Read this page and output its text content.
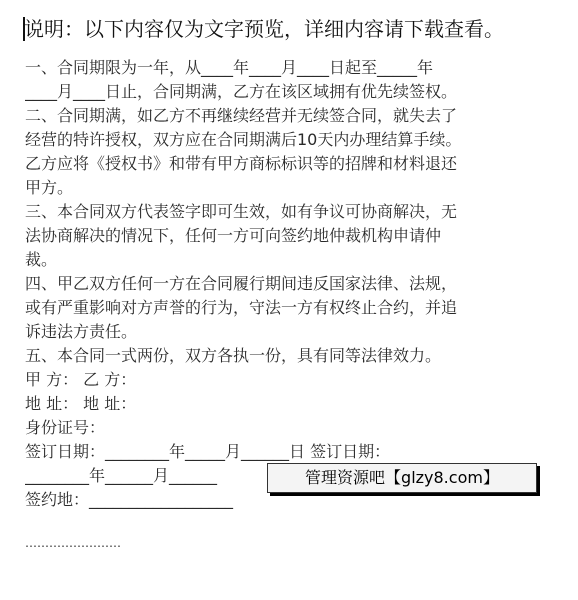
说明：以下内容仅为文字预览，详细内容请下载查看。
一、合同期限为一年，从____年____月____日起至_____年
____月____日止，合同期满，乙方在该区域拥有优先续签权。
二、合同期满，如乙方不再继续经营并无续签合同，就失去了
经营的特许授权，双方应在合同期满后10天内办理结算手续。
乙方应将《授权书》和带有甲方商标标识等的招牌和材料退还
甲方。
三、本合同双方代表签字即可生效，如有争议可协商解决，无
法协商解决的情况下，任何一方可向签约地仲裁机构申请仲
裁。
四、甲乙双方任何一方在合同履行期间违反国家法律、法规，
或有严重影响对方声誉的行为，守法一方有权终止合约，并追
诉违法方责任。
五、本合同一式两份，双方各执一份，具有同等法律效力。
甲 方： 乙 方：
地 址： 地 址：
身份证号：
签订日期：________年_____月______日 签订日期：
________年______月______
签约地：__________________
……………………
管理资源吧【glzy8.com】
